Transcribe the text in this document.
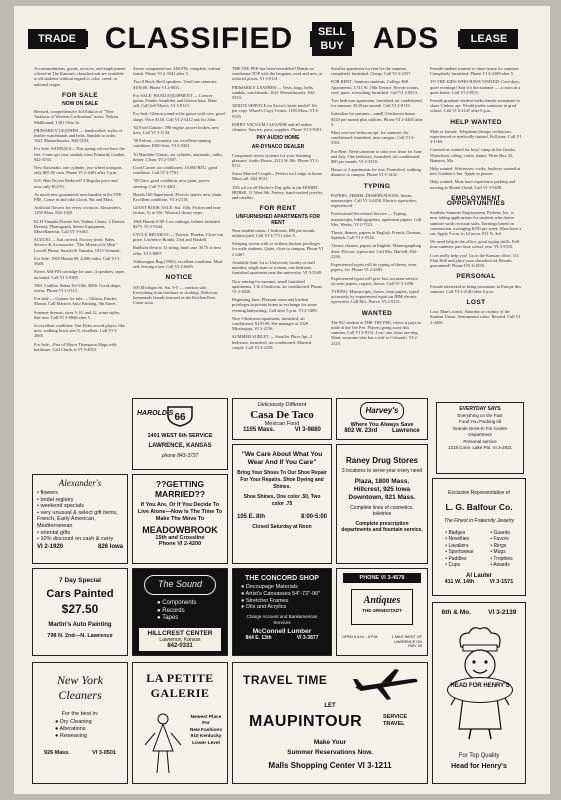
TRADE CLASSIFIED	SELL
BUY ADS	LEASE

Accommodations, goods, services, and employment offered in The Kansan's classified ads are available to all students without regard to color, creed, or national origin.

FOR SALE
NOW ON SALE

Revised, comprehensive 3rd Edition of "New Analysis of Western Civilization" notes. Nelson Mailbound, 1301 Ohio St.

PRIMARILY LEATHER — handcrafted, styles of leather watchbands and belts. Sandals to order. 1621 Massachusetts, 842-5533.

For Sale: SANDALS—This spring wit not have the feet. Come get your sandals from Primarily Leather. 842-5533.

New Kawasaki, one cylinder, two wheel transport, only $65.00 cash. Phone VI 2-4481 after 5 p.m.

G.E. Hair Dryers Reduced! 3 Regular price and now only $12.95.

As much new guaranteed merchandise at the TEE PEE. Come in and take a look. 9th and Mass.

Artificial flowers for every occasion. Alexander's, 1250 Mass. 842-1920.

KLH Yamaha Dinette Set, Walnut Chairs, 2 Drawer Dresser, Phonograph, Stereo Equipment, Miscellaneous. Call VI 3-5461.

SUZUKI — Just arrived, Factory fresh. Sales, Service & Accessories. "The Motorcycle Man." Lowell Phone, Suzuki & Yamaha, 1013 Vermont.

For Sale: 1965 Honda 90, 4,000 miles. Call VI 3-5648.

Stereo AM-FM cartridge for auto, 4 speakers, tapes included. Call VI 3-9389.

1961 Cadillac Sedan De Ville, $850. Good shape, extras. Phone VI 2-3312.

For Sale — Guitars for sale — Gibson, Fender, Martin. Call Martin's Auto Painting, 9th Street.

Summer dresses, sizes 5-10, and 12, some styles, like new. Call VI 3-8848 after 5.

In excellent condition: Van Dyke record player, like new; walking boots size 8, excellent. Call VI 3-2665.

For Sale—Pair of Motor Thompson Mags with hardware. Call Chuck at VI 3-4553.

Stereo component set, AM-FM, complete, walnut finish. Phone VI 2-3341 after 5.

Two 8 Book Shelf speakers. Used one semester. $100.00. Phone VI 2-8831.

For SALE: HAND EQUIPMENT — Lowrey guitar, Fender Amplifier and Gibson bass. Must sell. Call Jeff Myers, VI 3-8123.

For Sale: Gibson sound-a-lite guitar with case, good shape. Price $150. Call VI 2-3412 ask for John.

'64 Ford Galaxie, 390 engine, power brakes, new tires. Call VI 3-1134.

'58 Falcon—economy car, excellent running condition. $300 firm. VI 3-3302.

'61 Rambler Classic, six cylinder, automatic, radio, heater. Clean. VI 2-5567.

Used Carrier air conditioner, 10,000 BTU, good condition. Call VI 3-7781.

'58 Chev. good condition, new paint, power steering. Call VI 2-4461.

Honda 160 Superhawk. Electric starter, new chain. Excellent condition. VI 3-2118.

GIANT BOOK SALE: Sat. 10th, Fiction and non-fiction, 5c to 50c. Watson Library steps.

1966 Honda S-90. Low mileage, helmet included. $275. VI 3-5544.

CYCLE HELMETS — Dayton. Hondas. Close-out price. Lawrence Honda, 23rd and Haskell.

Baldwin electric 12 string, hard case. $175 or best offer. VI 3-8897.

Volkswagen Bug (1965), excellent condition. Must sell, leaving town. Call VI 2-6685.

NOTICE

505 Michigan St. Sat. 9-5 — outdoor sale. Everything from furniture to clothing. Delicious homemade breads featured at the Kitchen Fare. Come soon.

THE TEE PEE has been remodeled! Hands on warehouse TOP with the bargains, used and new, at reduced prices. VI 3-9131.

PRIMARILY LEATHER — Vests, bags, belts, sandals, watchbands. 1621 Massachusetts. 842-5533.

XEROX SERVICE on Xerox's latest model! 10c per copy. Wheel's Copy Center, 1105 Mass. VI 3-5516.

KIRBY VACUUM CLEANER and all makes cleaners. Service, parts, supplies. Phone VI 3-9101.

PAY AUDIO HOME
AR-DYNACO DEALER

Component stereo systems for your listening pleasure. Audio House, 2313 W. 8th. Phone VI 2-8111.

Sister Married Couple—Perfect for Lodge in house. Must call. 842-9121.

10% off on all Mother's Day gifts at the HOBBY HORSE, 11 West 9th. Pottery, hand-crafted jewelry, and candles.

FOR RENT
UNFURNISHED APARTMENTS FOR RENT

Near student union, 1 bedroom, $80 per month, utilities paid. Call VI 3-7711 after 5.

Sleeping rooms with or without kitchen privileges for male students. Quiet, close to campus. Phone VI 2-2467.

Available June 1st to University faculty or staff member, single man or woman, one bedroom furnished apartment near the university. VI 3-5549.

Now renting for summer, small furnished apartments. 1 & 2 bedroom, air conditioned. Phone VI 2-4820.

Beginning June: Pleasant room and kitchen privileges in private home in exchange for some evening babysitting. Call after 5 p.m. VI 2-5488.

Nice 3-bedroom apartment, furnished, air conditioned, $150.00. See manager at 1029 Mississippi, VI 3-2156.

SUMMER SUBLET — Stouffer Place Apt. 2 bedroom, furnished, air conditioned. Married couple. Call VI 3-2258.

Stouffer apartment for rent for the summer, completely furnished. Cheap. Call VI 3-2357.

FOR RENT: Summer students, College Hill Apartments, 1741 W. 19th Terrace. Private rooms, cool, quiet, everything furnished. Call VI 2-8213.

Two bedroom apartment, furnished, air conditioned, for summer. $120 per month. Call VI 2-9119.

Subsidize for summer—small 3-bedroom house. $120 per month plus utilities. Phone VI 2-4465 after 5.

Must rent one bedroom apt. for summer. Air conditioned, furnished, near campus. Call VI 3-5581.

For Rent: Need someone to take over lease for June and July. One bedroom, furnished, air conditioned. $90 per month. VI 2-3310.

House or 2 apartments for rent. Furnished, walking distance to campus. Phone VI 3-1432.

TYPING

PAPERS, TERMS, DISSERTATIONS, theses, manuscripts. Call VI 3-4450. Electric typewriter, experienced.

Professional Secretarial Service — Typing, manuscripts, bibliographies, apartment papers. Call Mrs. Weeks, VI 2-7123.

Thesis, themes, papers in English, French, German, Spanish. Call VI 3-5518.

Theses, themes, papers in English. Mimeographing done. Electric typewriter. Call Mrs. Harvell, 842-2236.

Experienced typist will do typing of theses, term papers, etc. Phone VI 2-4483.

Experienced typist will give fast, accurate service on term papers, reports, theses. Call VI 3-1498.

TYPING: Manuscripts, theses, term papers, typed accurately by experienced typist on IBM electric typewriter. Call Mrs. Pierce, VI 2-9121.

WANTED

The KU student at THE TEE PEE, where it pays to trade at the Tee Pee. Players going away this summer. Call VI 3-9131. Lost: one clean ear-ring. Want: someone who has a ride to Colorado. VI 2-2318.

Female student wanted to share house for summer. Completely furnished. Phone VI 3-4108 after 5.

TO THE KIDS WHO HAVE VISITED: Cool days, quiet evenings! Stay for the summer — a room in a quiet home. Call VI 2-8511.

Female graduate student seeks female roommate to share 2 bdrm. apt. Would prefer someone in grad school. Call VI 3-2147 after 6 p.m.

HELP WANTED

Male or female. Telephone therapy technician, experienced or medically trained. Full time. Call VI 3-1160.

Counselors wanted for boys' camp in the Ozarks. Waterfront, riding, crafts, tennis. Write Box 32, Branson, Mo.

Help wanted: Waitresses, cooks, busboys wanted at new Gardner's Inn. Apply in person.

Help wanted: Must have experience parking and moving at Mount Oread. Call VI 3-5408.

EMPLOYMENT OPPORTUNITIES

Students Summer Employment. Pickens, Inc. is now taking applications for students who desire summer work on route sales. Earnings based on commission, averaging $150 per week. Must have a car. Apply 9 a.m. to 12 noon, 811 N. 3rd.

We need help in the office, good typing skills. Full time summer, part time school year. VI 3-5533.

I can really help you! Go to the Kansan office, 111 Flint Hall and place your classified ad. Results guaranteed! Phone UN 4-4358.

PERSONAL

Female interested in being roommate in Europe this summer. Call VI 3-4140 after 6 p.m.

LOST

Lost: Man's watch, Saturday at vicinity of the Student Union. Sentimental value. Reward. Call VI 2-4456.

EVERYDAY SAYS
Everything on the Fast
Food You Packing All
Grande Drive-In For Center
Department
Personal service
1218 Conn. Lake Pal. VI 3-2921
66
HAROLD'S
1401 WEST 6th SERVICE
LAWRENCE, KANSAS
phone 843-3737
Deliciously Different
Casa De Taco
Mexican Food
1105 Mass.	VI 3-9880
Harvey's
Where You Always Save
802 W. 23rd Lawrence
Alexander's
• flowers
• bridal registry
• weekend specials
• very unusual & select gift items, French, Early American, Mediterranean
• oriental gifts
• 10% discount on cash & carry
VI 2-1920	826 Iowa
??GETTING MARRIED??
If You Are, Or If You Decide To Live Alone—Now Is The Time To Make The Move To
MEADOWBROOK
15th and Crossline
Phone VI 2-4200
"We Care About What You Wear And If You Care"
Bring Your Shoes To Our Shoe Repair For Your Repairs. Shoe Dyeing and Shines.
Shoe Shines, One color .50, Two color .75
105 E. 8th	8:00-5:00
Closed Saturday at Noon
Raney Drug Stores
3 locations to serve your every need
Plaza, 1800 Mass.
Hillcrest, 925 Iowa
Downtown, 921 Mass.
Complete lines of cosmetics, toiletries
Complete prescription departments and fountain service.
Exclusive Representative of
L. G. Balfour Co.
The Finest in Fraternity Jewelry
• Badges
• Novelties
• Lavaliers
• Sportswear
• Paddles
• Cups
• Guards
• Favors
• Rings
• Mugs
• Trophies
• Awards
Al Lauter
411 W. 14th	VI 3-1571
7 Day Special
Cars Painted
$27.50
Martin's Auto Painting
798 N. 2nd—N. Lawrence
The Sound
● Components
● Records
● Tapes
HILLCREST CENTER
Lawrence, Kansas
842-0331
THE CONCORD SHOP
● Decoupage Materials
● Artist's Canvasses 54"-72"-90"
● Stretcher Frames
● Oils and Acrylics
Charge Account and Bankamerican Services
McConnell Lumber
844 E. 13th	VI 3-3877
PHONE VI 3-4578
Antiques
THE GRINDSTADT
OPEN 9 A.M. - 6 P.M.	1 MILE WEST OF LAWRENCE ON HWY 40
New York
Cleaners
For the best in:
● Dry Cleaning
● Alterations
● Reweaving
926 Mass.	VI 3-0501
LA PETITE
GALERIE
Newest Place
For
New Fashions
910 Kentucky
Lower Level
TRAVEL TIME
LET
MAUPINTOUR	SERVICE TRAVEL
Make Your
Summer Reservations Now.
Malls Shopping Center VI 3-1211
6th & Mo.	VI 3-2139
HEAD FOR HENRY'S
For Top Quality
Head for Henry's
